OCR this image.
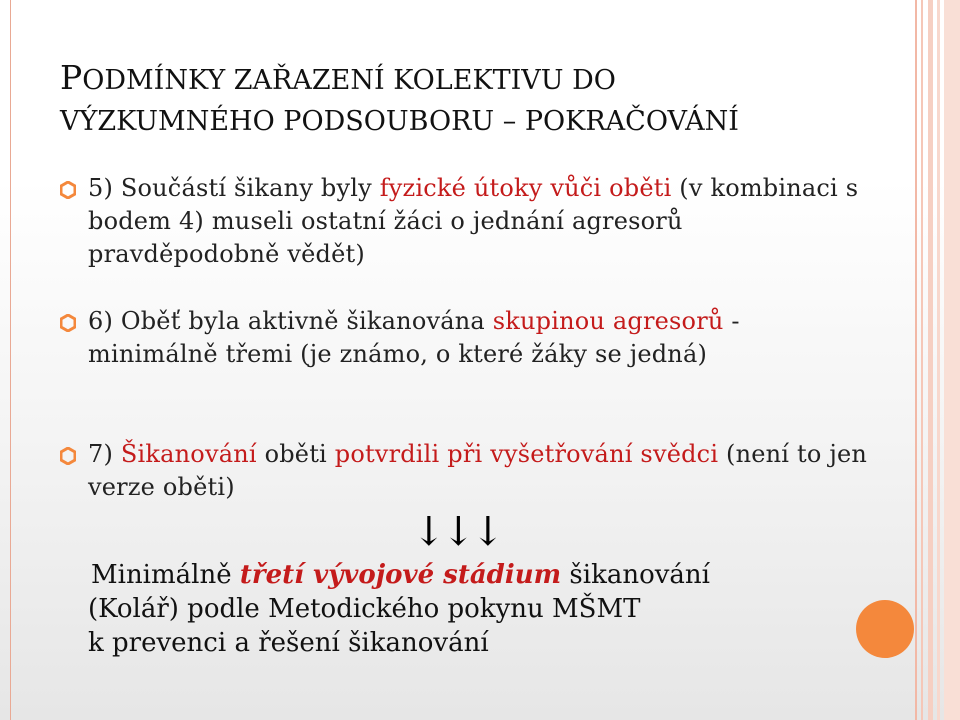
PODMÍNKY ZAŘAZENÍ KOLEKTIVU DO
VÝZKUMNÉHO PODSOUBORU – POKRAČOVÁNÍ
5) Součástí šikany byly fyzické útoky vůči oběti (v kombinaci s bodem 4) museli ostatní žáci o jednání agresorů pravděpodobně vědět)
6) Oběť byla aktivně šikanována skupinou agresorů - minimálně třemi (je známo, o které žáky se jedná)
7) Šikanování oběti potvrdili při vyšetřování svědci (není to jen verze oběti)
↓↓↓
Minimálně třetí vývojové stádium šikanování
(Kolář) podle Metodického pokynu MŠMT
k prevenci a řešení šikanování
